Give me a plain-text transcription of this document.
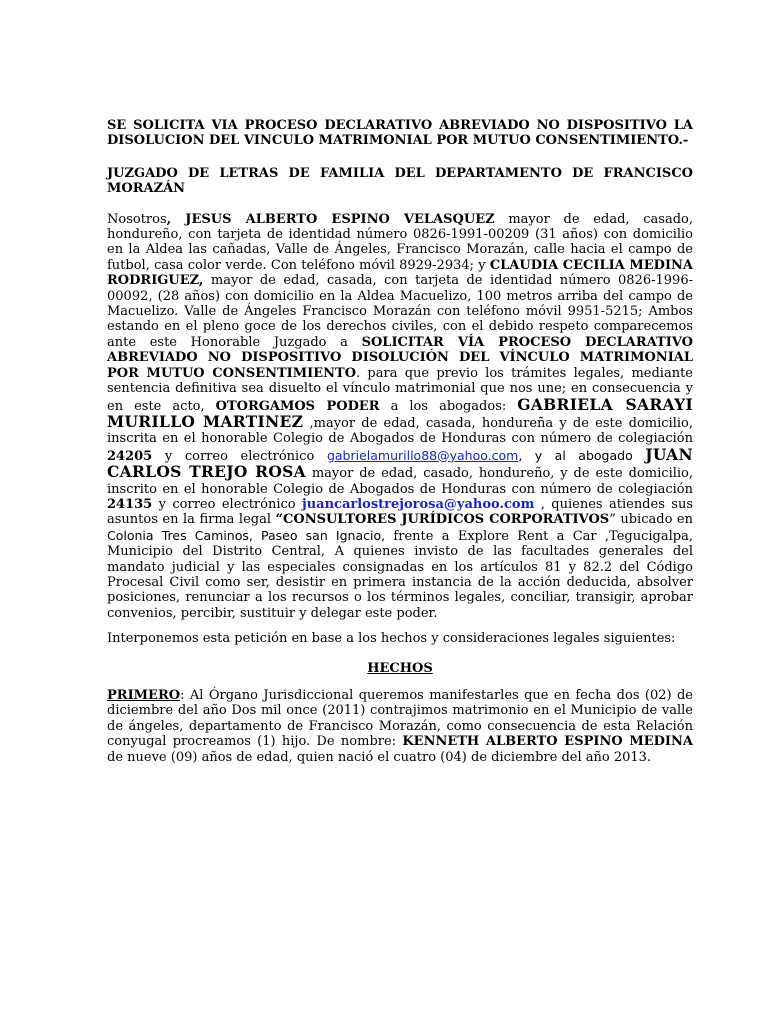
SE SOLICITA VIA PROCESO DECLARATIVO ABREVIADO NO DISPOSITIVO LA DISOLUCION DEL VINCULO MATRIMONIAL POR MUTUO CONSENTIMIENTO.-
JUZGADO DE LETRAS DE FAMILIA DEL DEPARTAMENTO DE FRANCISCO MORAZÁN

Nosotros, JESUS ALBERTO ESPINO VELASQUEZ mayor de edad, casado, hondureño, con tarjeta de identidad número 0826-1991-00209 (31 años) con domicilio en la Aldea las cañadas, Valle de Ángeles, Francisco Morazán, calle hacia el campo de futbol, casa color verde. Con teléfono móvil 8929-2934; y CLAUDIA CECILIA MEDINA RODRIGUEZ, mayor de edad, casada, con tarjeta de identidad número 0826-1996-00092, (28 años) con domicilio en la Aldea Macuelizo, 100 metros arriba del campo de Macuelizo. Valle de Ángeles Francisco Morazán con teléfono móvil 9951-5215; Ambos estando en el pleno goce de los derechos civiles, con el debido respeto comparecemos ante este Honorable Juzgado a SOLICITAR VÍA PROCESO DECLARATIVO ABREVIADO NO DISPOSITIVO DISOLUCIÓN DEL VÍNCULO MATRIMONIAL POR MUTUO CONSENTIMIENTO. para que previo los trámites legales, mediante sentencia definitiva sea disuelto el vínculo matrimonial que nos une; en consecuencia y en este acto, OTORGAMOS PODER a los abogados: GABRIELA SARAYI MURILLO MARTINEZ ,mayor de edad, casada, hondureña y de este domicilio, inscrita en el honorable Colegio de Abogados de Honduras con número de colegiación 24205 y correo electrónico gabrielamurillo88@yahoo.com, y al abogado JUAN CARLOS TREJO ROSA mayor de edad, casado, hondureño, y de este domicilio, inscrito en el honorable Colegio de Abogados de Honduras con número de colegiación 24135 y correo electrónico juancarlostrejorosa@yahoo.com , quienes atiendes sus asuntos en la firma legal “CONSULTORES JURÍDICOS CORPORATIVOS” ubicado en Colonia Tres Caminos, Paseo san Ignacio, frente a Explore Rent a Car ,Tegucigalpa, Municipio del Distrito Central, A quienes invisto de las facultades generales del mandato judicial y las especiales consignadas en los artículos 81 y 82.2 del Código Procesal Civil como ser, desistir en primera instancia de la acción deducida, absolver posiciones, renunciar a los recursos o los términos legales, conciliar, transigir, aprobar convenios, percibir, sustituir y delegar este poder.

Interponemos esta petición en base a los hechos y consideraciones legales siguientes:

HECHOS

PRIMERO: Al Órgano Jurisdiccional queremos manifestarles que en fecha dos (02) de diciembre del año Dos mil once (2011) contrajimos matrimonio en el Municipio de valle de ángeles, departamento de Francisco Morazán, como consecuencia de esta Relación conyugal procreamos (1) hijo. De nombre: KENNETH ALBERTO ESPINO MEDINA de nueve (09) años de edad, quien nació el cuatro (04) de diciembre del año 2013.
